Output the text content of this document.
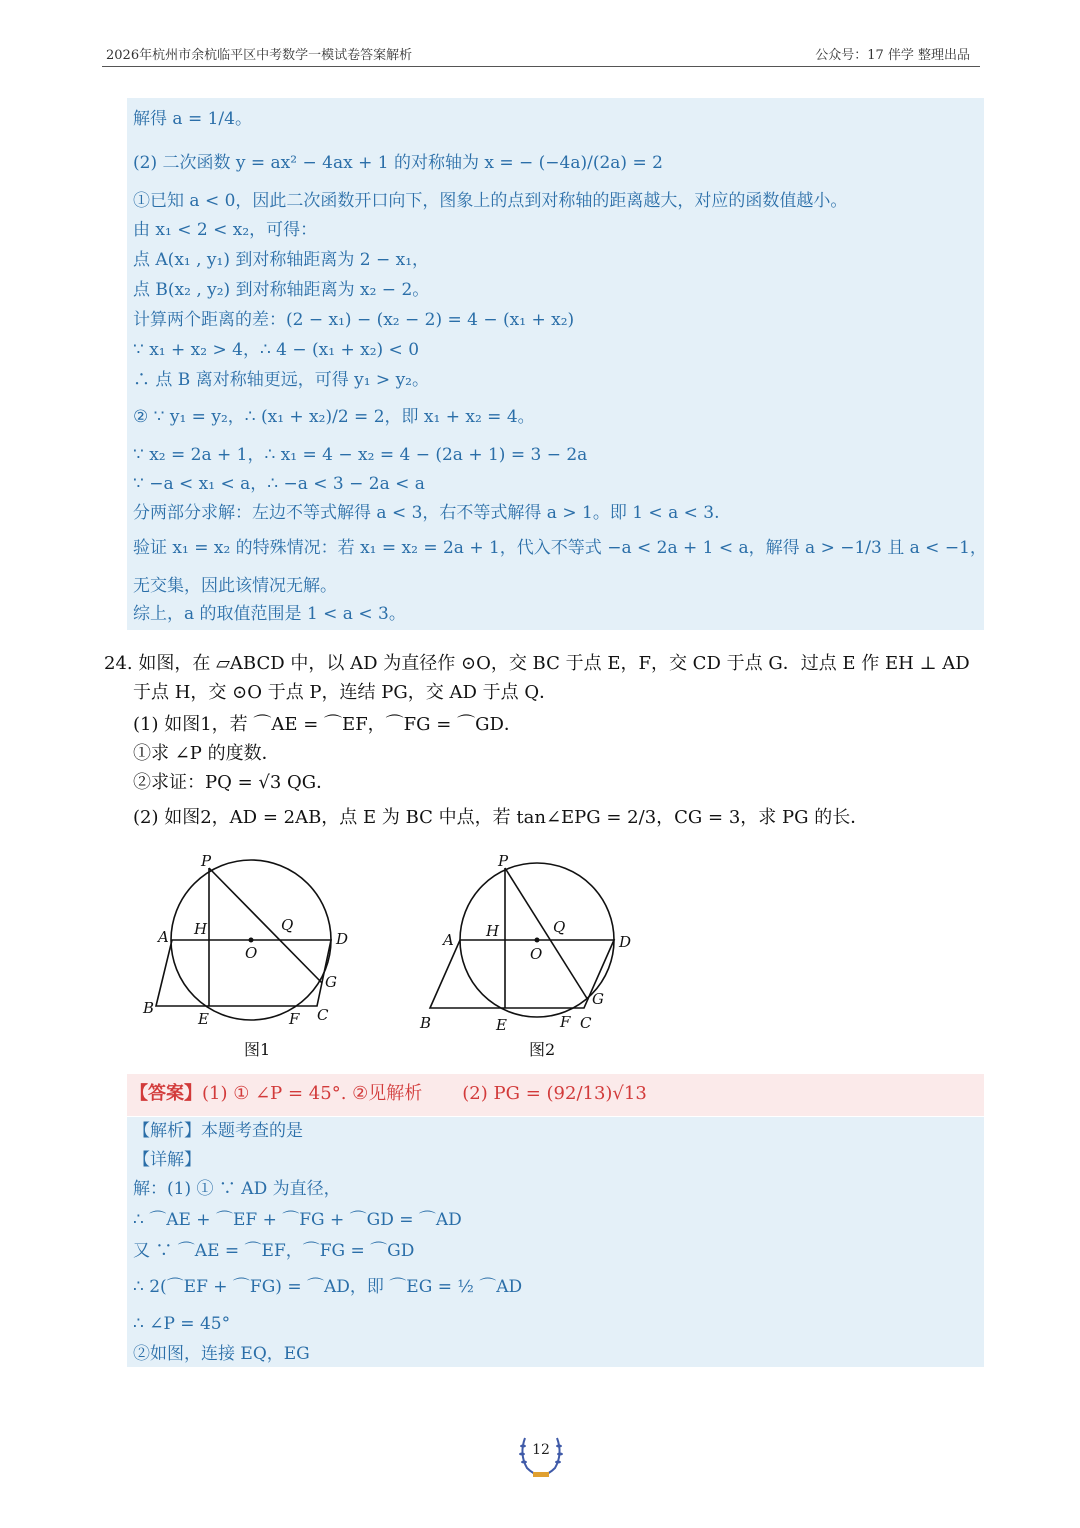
2026年杭州市余杭临平区中考数学一模试卷答案解析	公众号：17 伴学 整理出品
解得 a = 1/4。
(2) 二次函数 y = ax² − 4ax + 1 的对称轴为 x = − (−4a)/(2a) = 2
①已知 a < 0，因此二次函数开口向下，图象上的点到对称轴的距离越大，对应的函数值越小。
由 x₁ < 2 < x₂，可得：
点 A(x₁ , y₁) 到对称轴距离为 2 − x₁，
点 B(x₂ , y₂) 到对称轴距离为 x₂ − 2。
计算两个距离的差：(2 − x₁) − (x₂ − 2) = 4 − (x₁ + x₂)
∵ x₁ + x₂ > 4，∴ 4 − (x₁ + x₂) < 0
∴ 点 B 离对称轴更远，可得 y₁ > y₂。
② ∵ y₁ = y₂，∴ (x₁ + x₂)/2 = 2，即 x₁ + x₂ = 4。
∵ x₂ = 2a + 1，∴ x₁ = 4 − x₂ = 4 − (2a + 1) = 3 − 2a
∵ −a < x₁ < a，∴ −a < 3 − 2a < a
分两部分求解：左边不等式解得 a < 3，右不等式解得 a > 1。即 1 < a < 3.
验证 x₁ = x₂ 的特殊情况：若 x₁ = x₂ = 2a + 1，代入不等式 −a < 2a + 1 < a，解得 a > −1/3 且 a < −1，
无交集，因此该情况无解。
综上，a 的取值范围是 1 < a < 3。
24. 如图，在 ▱ABCD 中，以 AD 为直径作 ⊙O，交 BC 于点 E，F，交 CD 于点 G．过点 E 作 EH ⊥ AD
于点 H，交 ⊙O 于点 P，连结 PG，交 AD 于点 Q．
(1) 如图1，若 ⌒AE = ⌒EF，⌒FG = ⌒GD．
①求 ∠P 的度数．
②求证：PQ = √3 QG．
(2) 如图2，AD = 2AB，点 E 为 BC 中点，若 tan∠EPG = 2/3，CG = 3，求 PG 的长．
P
A H
O
Q
D
G
B
E	F C
图1
P
A H
O
Q
D
G
B	E	F C
图2
【答案】(1) ① ∠P = 45°. ②见解析 (2) PG = (92/13)√13
【解析】本题考查的是
【详解】
解：(1) ① ∵ AD 为直径，
∴ ⌒AE + ⌒EF + ⌒FG + ⌒GD = ⌒AD
又 ∵ ⌒AE = ⌒EF，⌒FG = ⌒GD
∴ 2(⌒EF + ⌒FG) = ⌒AD，即 ⌒EG = ½ ⌒AD
∴ ∠P = 45°
②如图，连接 EQ，EG
12
